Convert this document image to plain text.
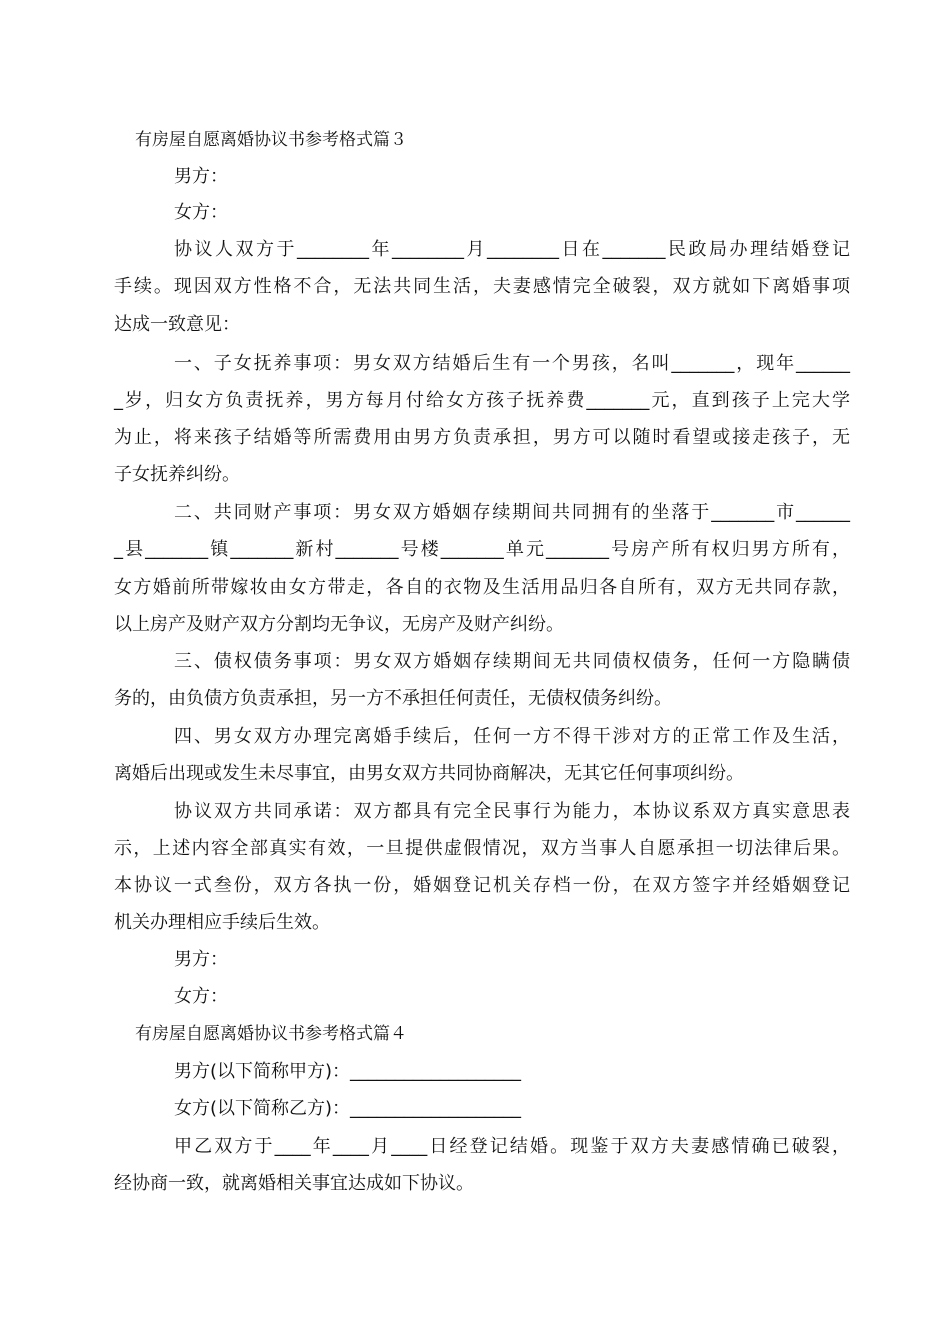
有房屋自愿离婚协议书参考格式篇３
男方：
女方：
协议人双方于________年________月________日在_______民政局办理结婚登记
手续。现因双方性格不合，无法共同生活，夫妻感情完全破裂，双方就如下离婚事项
达成一致意见：
一、子女抚养事项：男女双方结婚后生有一个男孩，名叫_______，现年______
_岁，归女方负责抚养，男方每月付给女方孩子抚养费_______元，直到孩子上完大学
为止，将来孩子结婚等所需费用由男方负责承担，男方可以随时看望或接走孩子，无
子女抚养纠纷。
二、共同财产事项：男女双方婚姻存续期间共同拥有的坐落于_______市______
_县_______镇_______新村_______号楼_______单元_______号房产所有权归男方所有，
女方婚前所带嫁妆由女方带走，各自的衣物及生活用品归各自所有，双方无共同存款，
以上房产及财产双方分割均无争议，无房产及财产纠纷。
三、债权债务事项：男女双方婚姻存续期间无共同债权债务，任何一方隐瞒债
务的，由负债方负责承担，另一方不承担任何责任，无债权债务纠纷。
四、男女双方办理完离婚手续后，任何一方不得干涉对方的正常工作及生活，
离婚后出现或发生未尽事宜，由男女双方共同协商解决，无其它任何事项纠纷。
协议双方共同承诺：双方都具有完全民事行为能力，本协议系双方真实意思表
示，上述内容全部真实有效，一旦提供虚假情况，双方当事人自愿承担一切法律后果。
本协议一式叁份，双方各执一份，婚姻登记机关存档一份，在双方签字并经婚姻登记
机关办理相应手续后生效。
男方：
女方：
有房屋自愿离婚协议书参考格式篇４
男方(以下简称甲方)：___________________
女方(以下简称乙方)：___________________
甲乙双方于____年____月____日经登记结婚。现鉴于双方夫妻感情确已破裂，
经协商一致，就离婚相关事宜达成如下协议。
